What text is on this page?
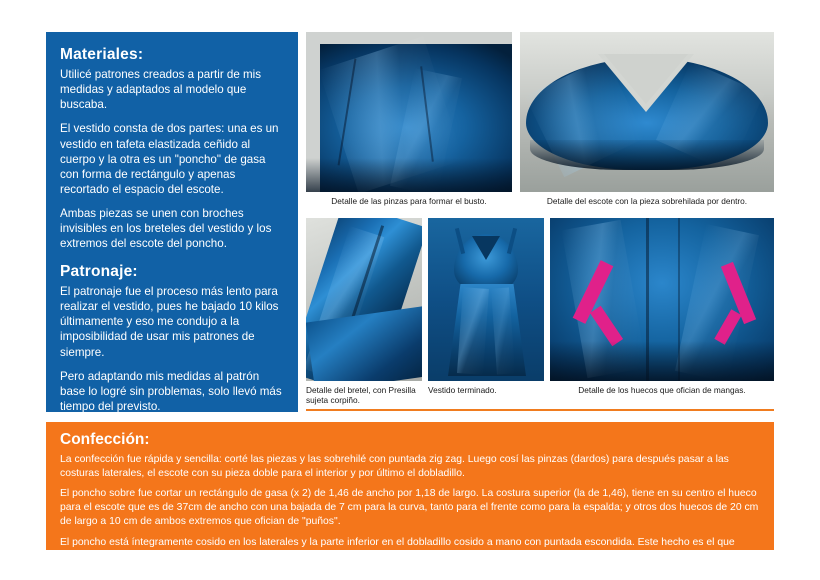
Materiales:

Utilicé patrones creados a partir de mis medidas y adaptados al modelo que buscaba.

El vestido consta de dos partes: una es un vestido en tafeta elastizada ceñido al cuerpo y la otra es un "poncho" de gasa con forma de rectángulo y apenas recortado el espacio del escote.

Ambas piezas se unen con broches invisibles en los breteles del vestido y los extremos del escote del poncho.

Patronaje:

El patronaje fue el proceso más lento para realizar el vestido, pues he bajado 10 kilos últimamente y eso me condujo a la imposibilidad de usar mis patrones de siempre.

Pero adaptando mis medidas al patrón base lo logré sin problemas, solo llevó más tiempo del previsto.

Detalle de las pinzas para formar el busto.	Detalle del escote con la pieza sobrehilada por dentro.
Detalle del bretel, con Presilla sujeta corpiño.
Vestido terminado.	Detalle de los huecos que ofician de mangas.
Confección:

La confección fue rápida y sencilla: corté las piezas y las sobrehilé con puntada zig zag. Luego cosí las pinzas (dardos) para después pasar a las costuras laterales, el escote con su pieza doble para el interior y por último el dobladillo.

El poncho sobre fue cortar un rectángulo de gasa (x 2) de 1,46 de ancho por 1,18 de largo. La costura superior (la de 1,46), tiene en su centro el hueco para el escote que es de 37cm de ancho con una bajada de 7 cm para la curva, tanto para el frente como para la espalda; y otros dos huecos de 20 cm de largo a 10 cm de ambos extremos que ofician de "puños".

El poncho está íntegramente cosido en los laterales y la parte inferior en el dobladillo cosido a mano con puntada escondida. Este hecho es el que permite que se formen los pliegues laterales que pueden verse en la imagen de arriba a la derecha.
